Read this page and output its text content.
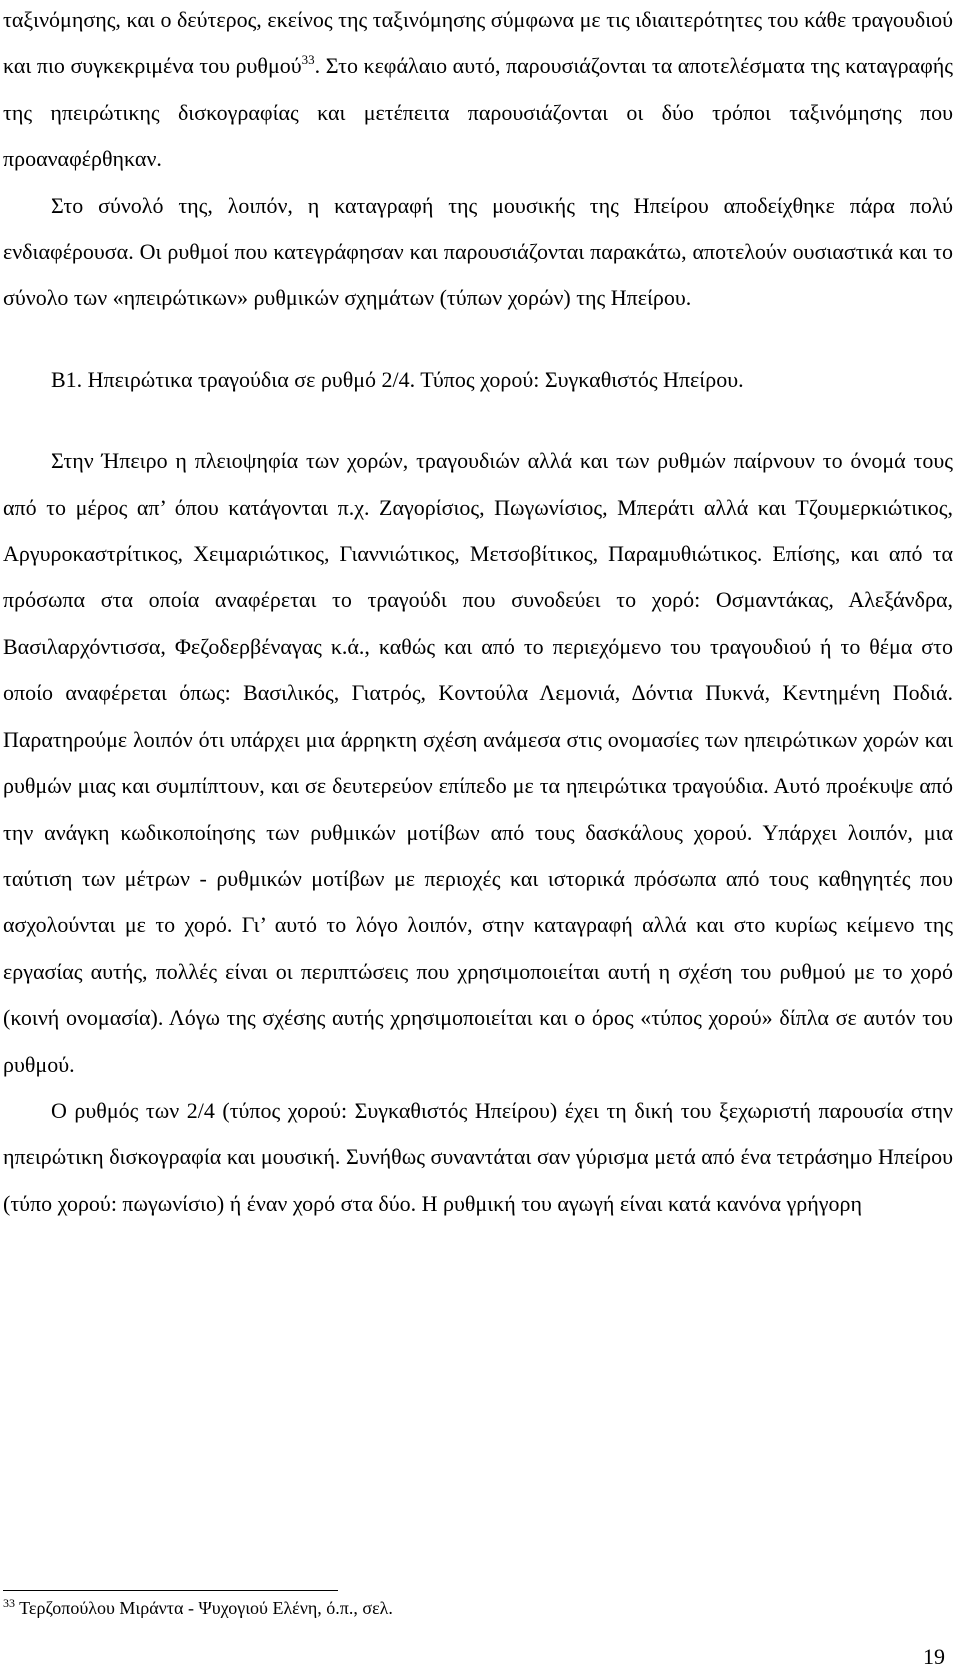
ταξινόμησης, και ο δεύτερος, εκείνος της ταξινόμησης σύμφωνα με τις ιδιαιτερότητες του κάθε τραγουδιού και πιο συγκεκριμένα του ρυθμού$^{33}$. Στο κεφάλαιο αυτό, παρουσιάζονται τα αποτελέσματα της καταγραφής της ηπειρώτικης δισκογραφίας και μετέπειτα παρουσιάζονται οι δύο τρόποι ταξινόμησης που προαναφέρθηκαν.

Στο σύνολό της, λοιπόν, η καταγραφή της μουσικής της Ηπείρου αποδείχθηκε πάρα πολύ ενδιαφέρουσα. Οι ρυθμοί που κατεγράφησαν και παρουσιάζονται παρακάτω, αποτελούν ουσιαστικά και το σύνολο των «ηπειρώτικων» ρυθμικών σχημάτων (τύπων χορών) της Ηπείρου.

Β1. Ηπειρώτικα τραγούδια σε ρυθμό 2/4. Τύπος χορού: Συγκαθιστός Ηπείρου.

Στην Ήπειρο η πλειοψηφία των χορών, τραγουδιών αλλά και των ρυθμών παίρνουν το όνομά τους από το μέρος απ’ όπου κατάγονται π.χ. Ζαγορίσιος, Πωγωνίσιος, Μπεράτι αλλά και Τζουμερκιώτικος, Αργυροκαστρίτικος, Χειμαριώτικος, Γιαννιώτικος, Μετσοβίτικος, Παραμυθιώτικος. Επίσης, και από τα πρόσωπα στα οποία αναφέρεται το τραγούδι που συνοδεύει το χορό: Οσμαντάκας, Αλεξάνδρα, Βασιλαρχόντισσα, Φεζοδερβέναγας κ.ά., καθώς και από το περιεχόμενο του τραγουδιού ή το θέμα στο οποίο αναφέρεται όπως: Βασιλικός, Γιατρός, Κοντούλα Λεμονιά, Δόντια Πυκνά, Κεντημένη Ποδιά. Παρατηρούμε λοιπόν ότι υπάρχει μια άρρηκτη σχέση ανάμεσα στις ονομασίες των ηπειρώτικων χορών και ρυθμών μιας και συμπίπτουν, και σε δευτερεύον επίπεδο με τα ηπειρώτικα τραγούδια. Αυτό προέκυψε από την ανάγκη κωδικοποίησης των ρυθμικών μοτίβων από τους δασκάλους χορού. Υπάρχει λοιπόν, μια ταύτιση των μέτρων - ρυθμικών μοτίβων με περιοχές και ιστορικά πρόσωπα από τους καθηγητές που ασχολούνται με το χορό. Γι’ αυτό το λόγο λοιπόν, στην καταγραφή αλλά και στο κυρίως κείμενο της εργασίας αυτής, πολλές είναι οι περιπτώσεις που χρησιμοποιείται αυτή η σχέση του ρυθμού με το χορό (κοινή ονομασία). Λόγω της σχέσης αυτής χρησιμοποιείται και ο όρος «τύπος χορού» δίπλα σε αυτόν του ρυθμού.

Ο ρυθμός των 2/4 (τύπος χορού: Συγκαθιστός Ηπείρου) έχει τη δική του ξεχωριστή παρουσία στην ηπειρώτικη δισκογραφία και μουσική. Συνήθως συναντάται σαν γύρισμα μετά από ένα τετράσημο Ηπείρου (τύπο χορού: πωγωνίσιο) ή έναν χορό στα δύο. Η ρυθμική του αγωγή είναι κατά κανόνα γρήγορη

$^{33}$ Τερζοπούλου Μιράντα - Ψυχογιού Ελένη, ό.π., σελ.
19
